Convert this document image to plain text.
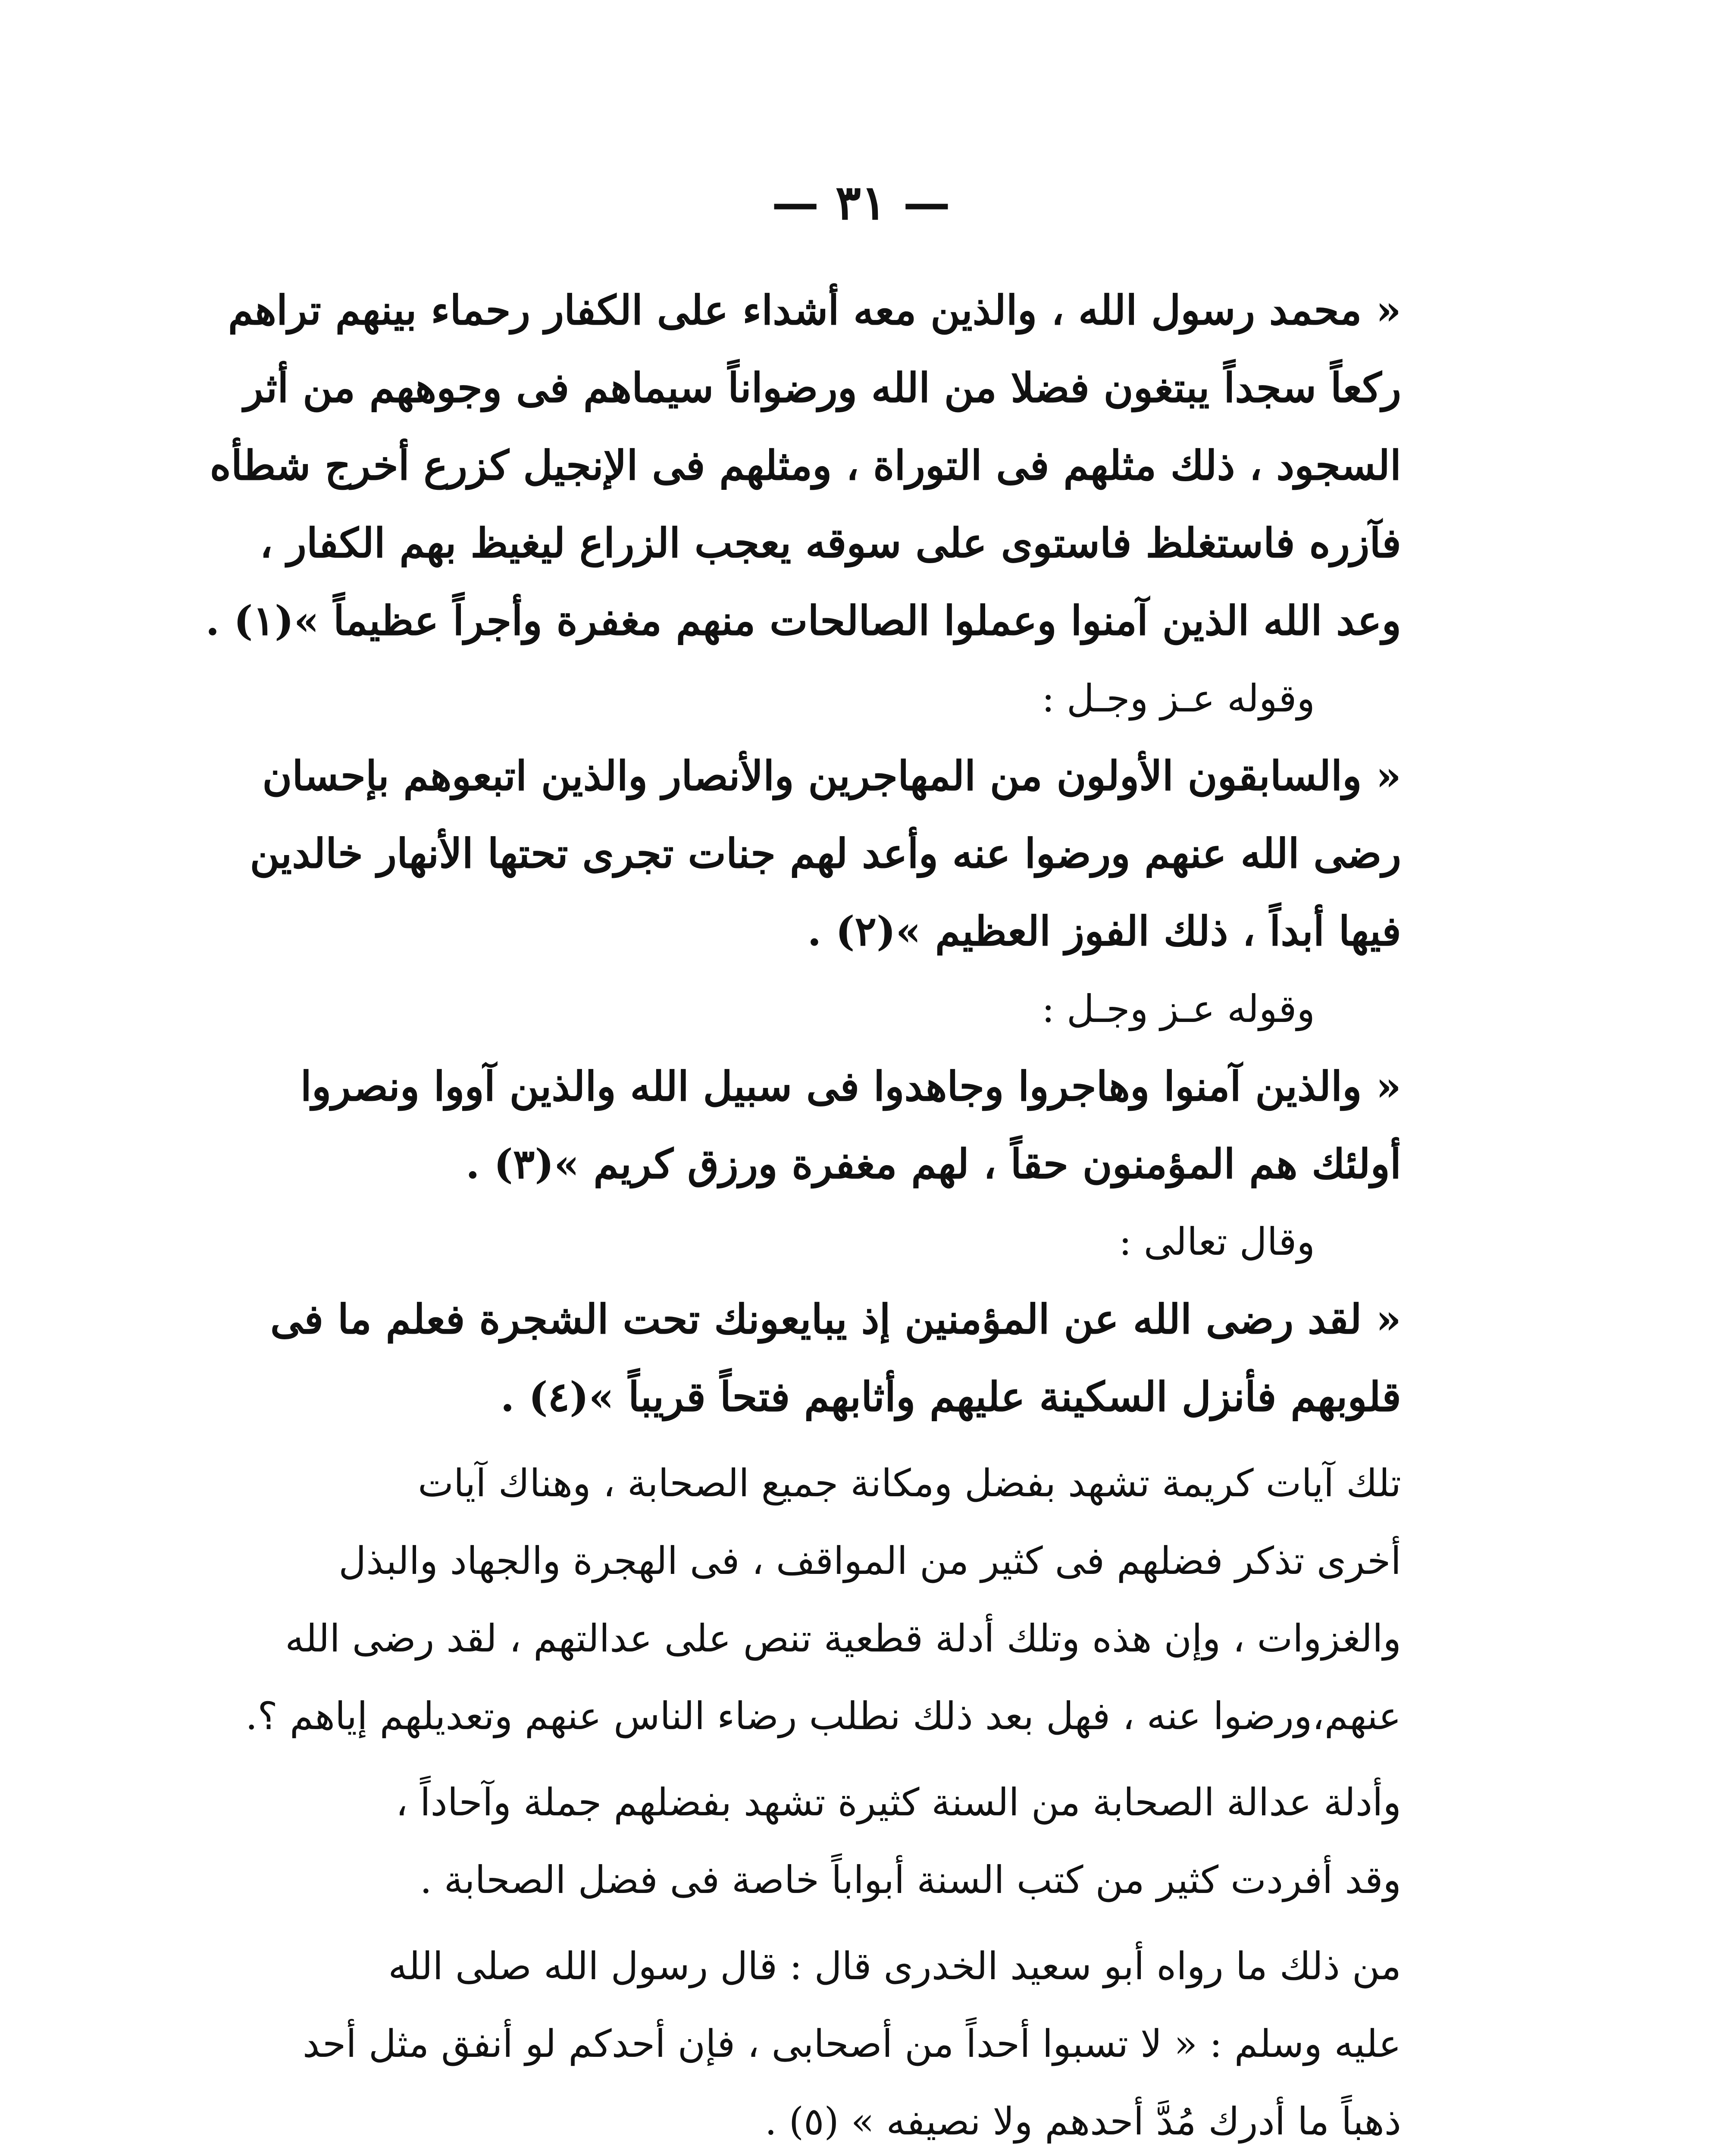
— ٣١ —
« محمد رسول الله ، والذين معه أشداء على الكفار رحماء بينهم تراهم
ركعاً سجداً يبتغون فضلا من الله ورضواناً سيماهم فى وجوههم من أثر
السجود ، ذلك مثلهم فى التوراة ، ومثلهم فى الإنجيل كزرع أخرج شطأه
فآزره فاستغلظ فاستوى على سوقه يعجب الزراع ليغيظ بهم الكفار ،
وعد الله الذين آمنوا وعملوا الصالحات منهم مغفرة وأجراً عظيماً »(١) .
وقوله عـز وجـل :
« والسابقون الأولون من المهاجرين والأنصار والذين اتبعوهم بإحسان
رضى الله عنهم ورضوا عنه وأعد لهم جنات تجرى تحتها الأنهار خالدين
فيها أبداً ، ذلك الفوز العظيم »(٢) .
وقوله عـز وجـل :
« والذين آمنوا وهاجروا وجاهدوا فى سبيل الله والذين آووا ونصروا
أولئك هم المؤمنون حقاً ، لهم مغفرة ورزق كريم »(٣) .
وقال تعالى :
« لقد رضى الله عن المؤمنين إذ يبايعونك تحت الشجرة فعلم ما فى
قلوبهم فأنزل السكينة عليهم وأثابهم فتحاً قريباً »(٤) .
تلك آيات كريمة تشهد بفضل ومكانة جميع الصحابة ، وهناك آيات
أخرى تذكر فضلهم فى كثير من المواقف ، فى الهجرة والجهاد والبذل
والغزوات ، وإن هذه وتلك أدلة قطعية تنص على عدالتهم ، لقد رضى الله
عنهم،ورضوا عنه ، فهل بعد ذلك نطلب رضاء الناس عنهم وتعديلهم إياهم ؟.
وأدلة عدالة الصحابة من السنة كثيرة تشهد بفضلهم جملة وآحاداً ،
وقد أفردت كثير من كتب السنة أبواباً خاصة فى فضل الصحابة .
من ذلك ما رواه أبو سعيد الخدرى قال : قال رسول الله صلى الله
عليه وسلم : « لا تسبوا أحداً من أصحابى ، فإن أحدكم لو أنفق مثل أحد
ذهباً ما أدرك مُدَّ أحدهم ولا نصيفه » (٥) .
